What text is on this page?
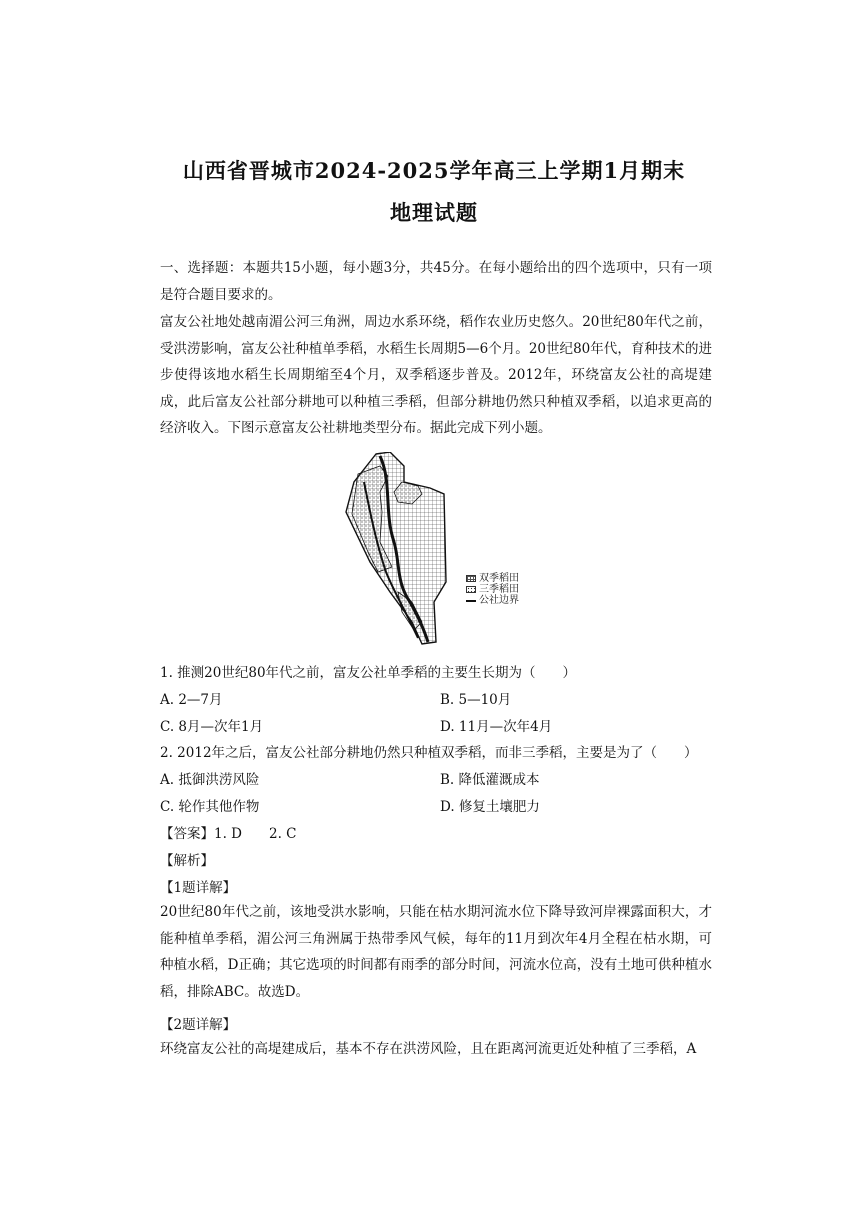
山西省晋城市2024-2025学年高三上学期1月期末
地理试题

一、选择题：本题共15小题，每小题3分，共45分。在每小题给出的四个选项中，只有一项是符合题目要求的。

富友公社地处越南湄公河三角洲，周边水系环绕，稻作农业历史悠久。20世纪80年代之前，受洪涝影响，富友公社种植单季稻，水稻生长周期5—6个月。20世纪80年代，育种技术的进步使得该地水稻生长周期缩至4个月，双季稻逐步普及。2012年，环绕富友公社的高堤建成，此后富友公社部分耕地可以种植三季稻，但部分耕地仍然只种植双季稻，以追求更高的经济收入。下图示意富友公社耕地类型分布。据此完成下列小题。

双季稻田
三季稻田
公社边界
1. 推测20世纪80年代之前，富友公社单季稻的主要生长期为（　　）
A. 2—7月	B. 5—10月
C. 8月—次年1月	D. 11月—次年4月
2. 2012年之后，富友公社部分耕地仍然只种植双季稻，而非三季稻，主要是为了（　　）
A. 抵御洪涝风险	B. 降低灌溉成本
C. 轮作其他作物	D. 修复土壤肥力
【答案】1. D　　2. C
【解析】
【1题详解】

20世纪80年代之前，该地受洪水影响，只能在枯水期河流水位下降导致河岸裸露面积大，才能种植单季稻，湄公河三角洲属于热带季风气候，每年的11月到次年4月全程在枯水期，可种植水稻，D正确；其它选项的时间都有雨季的部分时间，河流水位高，没有土地可供种植水稻，排除ABC。故选D。

【2题详解】

环绕富友公社的高堤建成后，基本不存在洪涝风险，且在距离河流更近处种植了三季稻，A
